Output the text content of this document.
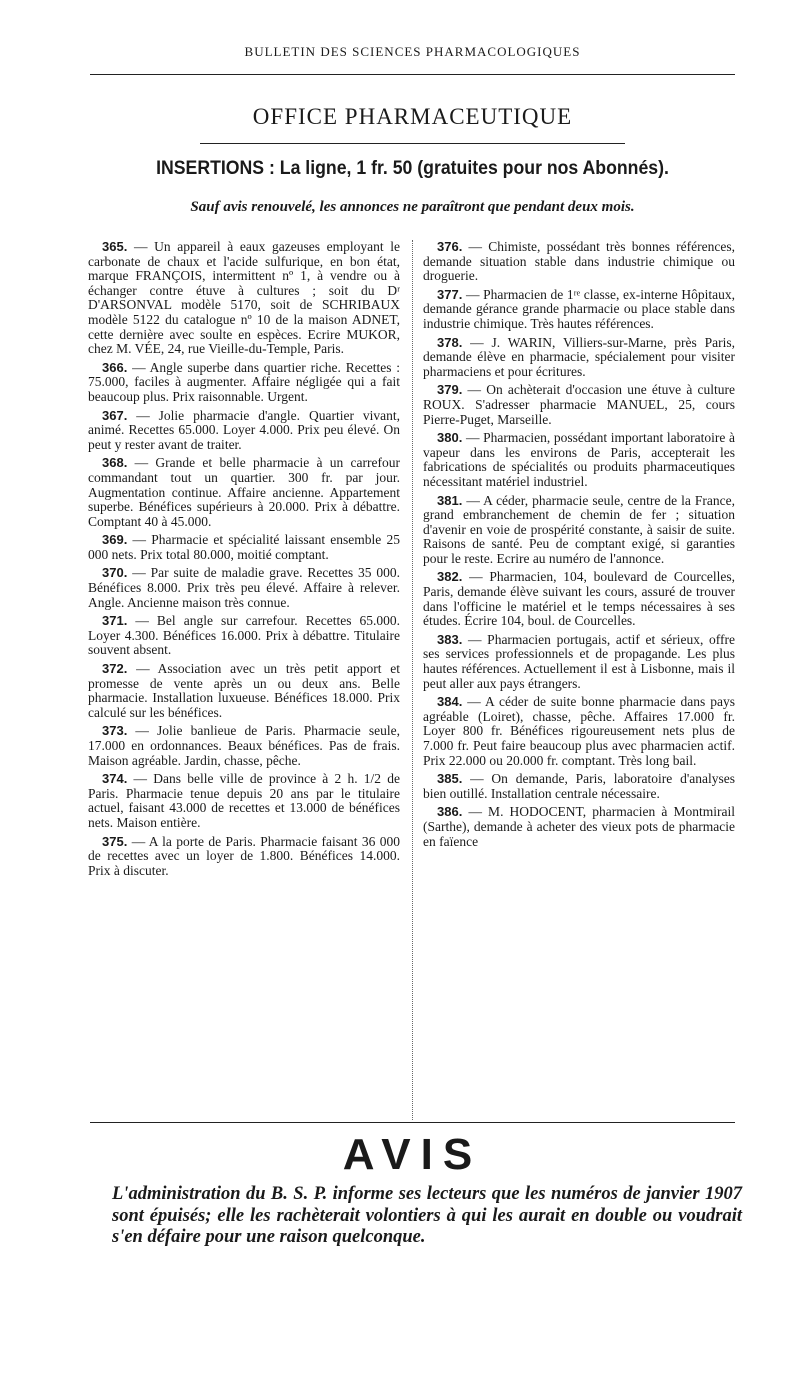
BULLETIN DES SCIENCES PHARMACOLOGIQUES
OFFICE PHARMACEUTIQUE
INSERTIONS : La ligne, 1 fr. 50 (gratuites pour nos Abonnés).
Sauf avis renouvelé, les annonces ne paraîtront que pendant deux mois.

365. — Un appareil à eaux gazeuses employant le carbonate de chaux et l'acide sulfurique, en bon état, marque FRANÇOIS, intermittent nº 1, à vendre ou à échanger contre étuve à cultures ; soit du Dʳ D'ARSONVAL modèle 5170, soit de SCHRIBAUX modèle 5122 du catalogue nº 10 de la maison ADNET, cette dernière avec soulte en espèces. Ecrire MUKOR, chez M. VÉE, 24, rue Vieille-du-Temple, Paris.

366. — Angle superbe dans quartier riche. Recettes : 75.000, faciles à augmenter. Affaire négligée qui a fait beaucoup plus. Prix raisonnable. Urgent.

367. — Jolie pharmacie d'angle. Quartier vivant, animé. Recettes 65.000. Loyer 4.000. Prix peu élevé. On peut y rester avant de traiter.

368. — Grande et belle pharmacie à un carrefour commandant tout un quartier. 300 fr. par jour. Augmentation continue. Affaire ancienne. Appartement superbe. Bénéfices supérieurs à 20.000. Prix à débattre. Comptant 40 à 45.000.

369. — Pharmacie et spécialité laissant ensemble 25 000 nets. Prix total 80.000, moitié comptant.

370. — Par suite de maladie grave. Recettes 35 000. Bénéfices 8.000. Prix très peu élevé. Affaire à relever. Angle. Ancienne maison très connue.

371. — Bel angle sur carrefour. Recettes 65.000. Loyer 4.300. Bénéfices 16.000. Prix à débattre. Titulaire souvent absent.

372. — Association avec un très petit apport et promesse de vente après un ou deux ans. Belle pharmacie. Installation luxueuse. Bénéfices 18.000. Prix calculé sur les bénéfices.

373. — Jolie banlieue de Paris. Pharmacie seule, 17.000 en ordonnances. Beaux bénéfices. Pas de frais. Maison agréable. Jardin, chasse, pêche.

374. — Dans belle ville de province à 2 h. 1/2 de Paris. Pharmacie tenue depuis 20 ans par le titulaire actuel, faisant 43.000 de recettes et 13.000 de bénéfices nets. Maison entière.

375. — A la porte de Paris. Pharmacie faisant 36 000 de recettes avec un loyer de 1.800. Bénéfices 14.000. Prix à discuter.

376. — Chimiste, possédant très bonnes références, demande situation stable dans industrie chimique ou droguerie.

377. — Pharmacien de 1ʳᵉ classe, ex-interne Hôpitaux, demande gérance grande pharmacie ou place stable dans industrie chimique. Très hautes références.

378. — J. WARIN, Villiers-sur-Marne, près Paris, demande élève en pharmacie, spécialement pour visiter pharmaciens et pour écritures.

379. — On achèterait d'occasion une étuve à culture ROUX. S'adresser pharmacie MANUEL, 25, cours Pierre-Puget, Marseille.

380. — Pharmacien, possédant important laboratoire à vapeur dans les environs de Paris, accepterait les fabrications de spécialités ou produits pharmaceutiques nécessitant matériel industriel.

381. — A céder, pharmacie seule, centre de la France, grand embranchement de chemin de fer ; situation d'avenir en voie de prospérité constante, à saisir de suite. Raisons de santé. Peu de comptant exigé, si garanties pour le reste. Ecrire au numéro de l'annonce.

382. — Pharmacien, 104, boulevard de Courcelles, Paris, demande élève suivant les cours, assuré de trouver dans l'officine le matériel et le temps nécessaires à ses études. Écrire 104, boul. de Courcelles.

383. — Pharmacien portugais, actif et sérieux, offre ses services professionnels et de propagande. Les plus hautes références. Actuellement il est à Lisbonne, mais il peut aller aux pays étrangers.

384. — A céder de suite bonne pharmacie dans pays agréable (Loiret), chasse, pêche. Affaires 17.000 fr. Loyer 800 fr. Bénéfices rigoureusement nets plus de 7.000 fr. Peut faire beaucoup plus avec pharmacien actif. Prix 22.000 ou 20.000 fr. comptant. Très long bail.

385. — On demande, Paris, laboratoire d'analyses bien outillé. Installation centrale nécessaire.

386. — M. HODOCENT, pharmacien à Montmirail (Sarthe), demande à acheter des vieux pots de pharmacie en faïence

AVIS
L'administration du B. S. P. informe ses lecteurs que les numéros de janvier 1907 sont épuisés; elle les rachèterait volontiers à qui les aurait en double ou voudrait s'en défaire pour une raison quelconque.
